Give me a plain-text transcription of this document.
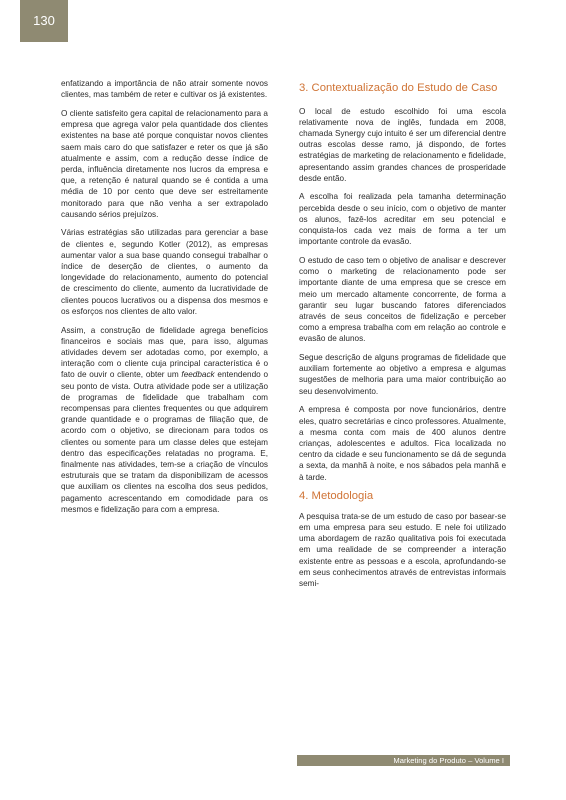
130

enfatizando a importância de não atrair somente novos clientes, mas também de reter e cultivar os já existentes.

O cliente satisfeito gera capital de relacionamento para a empresa que agrega valor pela quantidade dos clientes existentes na base até porque conquistar novos clientes saem mais caro do que satisfazer e reter os que já são atualmente e assim, com a redução desse índice de perda, influência diretamente nos lucros da empresa e que, a retenção é natural quando se é contida a uma média de 10 por cento que deve ser estreitamente monitorado para que não venha a ser extrapolado causando sérios prejuízos.

Várias estratégias são utilizadas para gerenciar a base de clientes e, segundo Kotler (2012), as empresas aumentar valor a sua base quando consegui trabalhar o índice de deserção de clientes, o aumento da longevidade do relacionamento, aumento do potencial de crescimento do cliente, aumento da lucratividade de clientes poucos lucrativos ou a dispensa dos mesmos e os esforços nos clientes de alto valor.

Assim, a construção de fidelidade agrega benefícios financeiros e sociais mas que, para isso, algumas atividades devem ser adotadas como, por exemplo, a interação com o cliente cuja principal característica é o fato de ouvir o cliente, obter um feedback entendendo o seu ponto de vista. Outra atividade pode ser a utilização de programas de fidelidade que trabalham com recompensas para clientes frequentes ou que adquirem grande quantidade e o programas de filiação que, de acordo com o objetivo, se direcionam para todos os clientes ou somente para um classe deles que estejam dentro das especificações relatadas no programa. E, finalmente nas atividades, tem-se a criação de vínculos estruturais que se tratam da disponibilizam de acessos que auxiliam os clientes na escolha dos seus pedidos, pagamento acrescentando em comodidade para os mesmos e fidelização para com a empresa.

3. Contextualização do Estudo de Caso

O local de estudo escolhido foi uma escola relativamente nova de inglês, fundada em 2008, chamada Synergy cujo intuito é ser um diferencial dentre outras escolas desse ramo, já dispondo, de fortes estratégias de marketing de relacionamento e fidelidade, apresentando assim grandes chances de prosperidade desde então.

A escolha foi realizada pela tamanha determinação percebida desde o seu início, com o objetivo de manter os alunos, fazê-los acreditar em seu potencial e conquista-los cada vez mais de forma a ter um importante controle da evasão.

O estudo de caso tem o objetivo de analisar e descrever como o marketing de relacionamento pode ser importante diante de uma empresa que se cresce em meio um mercado altamente concorrente, de forma a garantir seu lugar buscando fatores diferenciados através de seus conceitos de fidelização e perceber como a empresa trabalha com em relação ao controle e evasão de alunos.

Segue descrição de alguns programas de fidelidade que auxiliam fortemente ao objetivo a empresa e algumas sugestões de melhoria para uma maior contribuição ao seu desenvolvimento.

A empresa é composta por nove funcionários, dentre eles, quatro secretárias e cinco professores. Atualmente, a mesma conta com mais de 400 alunos dentre crianças, adolescentes e adultos. Fica localizada no centro da cidade e seu funcionamento se dá de segunda a sexta, da manhã à noite, e nos sábados pela manhã e à tarde.

4. Metodologia

A pesquisa trata-se de um estudo de caso por basear-se em uma empresa para seu estudo. E nele foi utilizado uma abordagem de razão qualitativa pois foi executada em uma realidade de se compreender a interação existente entre as pessoas e a escola, aprofundando-se em seus conhecimentos através de entrevistas informais semi-

Marketing do Produto – Volume I
